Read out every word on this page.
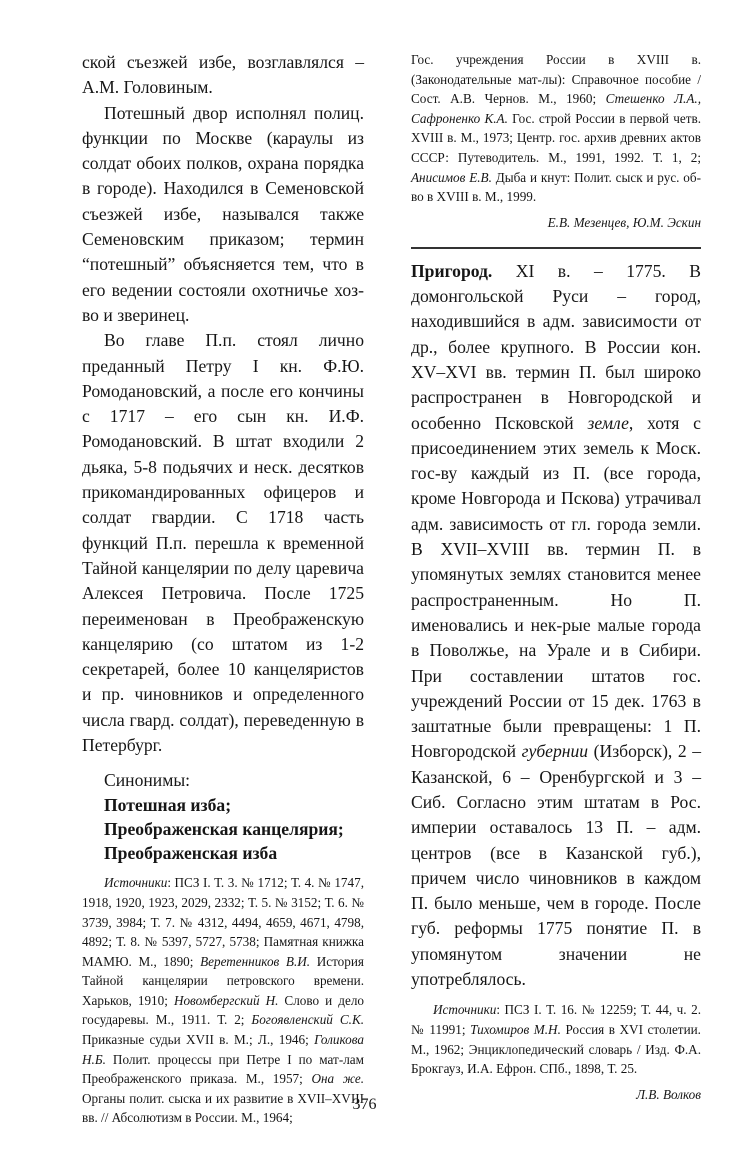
ской съезжей избе, возглавлялся – А.М. Головиным.

Потешный двор исполнял полиц. функции по Москве (караулы из солдат обоих полков, охрана порядка в городе). Находился в Семеновской съезжей избе, назывался также Семеновским приказом; термин “потешный” объясняется тем, что в его ведении состояли охотничье хоз-во и зверинец.

Во главе П.п. стоял лично преданный Петру I кн. Ф.Ю. Ромодановский, а после его кончины с 1717 – его сын кн. И.Ф. Ромодановский. В штат входили 2 дьяка, 5-8 подьячих и неск. десятков прикомандированных офицеров и солдат гвардии. С 1718 часть функций П.п. перешла к временной Тайной канцелярии по делу царевича Алексея Петровича. После 1725 переименован в Преображенскую канцелярию (со штатом из 1-2 секретарей, более 10 канцеляристов и пр. чиновников и определенного числа гвард. солдат), переведенную в Петербург.

Синонимы:

Потешная изба; Преображенская канцелярия; Преображенская изба

Источники: ПСЗ I. Т. 3. № 1712; Т. 4. № 1747, 1918, 1920, 1923, 2029, 2332; Т. 5. № 3152; Т. 6. № 3739, 3984; Т. 7. № 4312, 4494, 4659, 4671, 4798, 4892; Т. 8. № 5397, 5727, 5738; Памятная книжка МАМЮ. М., 1890; Веретенников В.И. История Тайной канцелярии петровского времени. Харьков, 1910; Новомбергский Н. Слово и дело государевы. М., 1911. Т. 2; Богоявленский С.К. Приказные судьи XVII в. М.; Л., 1946; Голикова Н.Б. Полит. процессы при Петре I по мат-лам Преображенского приказа. М., 1957; Она же. Органы полит. сыска и их развитие в XVII–XVIII вв. // Абсолютизм в России. М., 1964;

Гос. учреждения России в XVIII в. (Законодательные мат-лы): Справочное пособие / Сост. А.В. Чернов. М., 1960; Стешенко Л.А., Сафроненко К.А. Гос. строй России в первой четв. XVIII в. М., 1973; Центр. гос. архив древних актов СССР: Путеводитель. М., 1991, 1992. Т. 1, 2; Анисимов Е.В. Дыба и кнут: Полит. сыск и рус. об-во в XVIII в. М., 1999.

Е.В. Мезенцев, Ю.М. Эскин

Пригород. XI в. – 1775. В домонгольской Руси – город, находившийся в адм. зависимости от др., более крупного. В России кон. XV–XVI вв. термин П. был широко распространен в Новгородской и особенно Псковской земле, хотя с присоединением этих земель к Моск. гос-ву каждый из П. (все города, кроме Новгорода и Пскова) утрачивал адм. зависимость от гл. города земли. В XVII–XVIII вв. термин П. в упомянутых землях становится менее распространенным. Но П. именовались и нек-рые малые города в Поволжье, на Урале и в Сибири. При составлении штатов гос. учреждений России от 15 дек. 1763 в заштатные были превращены: 1 П. Новгородской губернии (Изборск), 2 – Казанской, 6 – Оренбургской и 3 – Сиб. Согласно этим штатам в Рос. империи оставалось 13 П. – адм. центров (все в Казанской губ.), причем число чиновников в каждом П. было меньше, чем в городе. После губ. реформы 1775 понятие П. в упомянутом значении не употреблялось.

Источники: ПСЗ I. Т. 16. № 12259; Т. 44, ч. 2. № 11991; Тихомиров М.Н. Россия в XVI столетии. М., 1962; Энциклопедический словарь / Изд. Ф.А. Брокгауз, И.А. Ефрон. СПб., 1898, Т. 25.

Л.В. Волков

376
